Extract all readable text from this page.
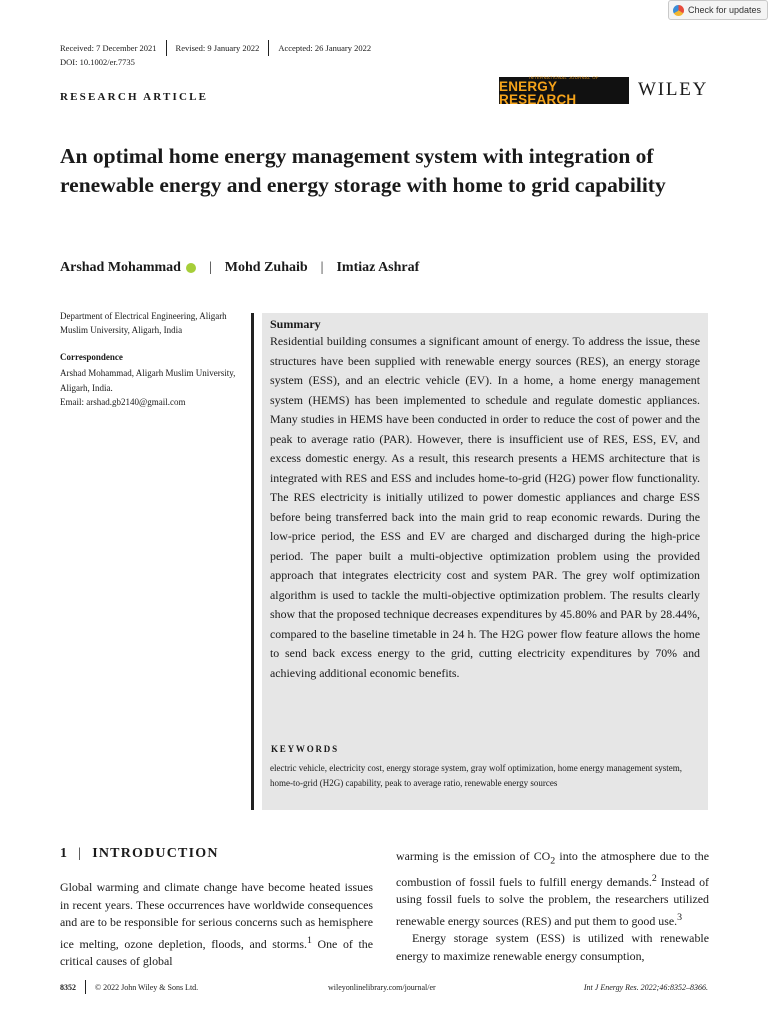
Check for updates
Received: 7 December 2021 Revised: 9 January 2022 Accepted: 26 January 2022
DOI: 10.1002/er.7735
RESEARCH ARTICLE
INTERNATIONAL JOURNAL OF
ENERGY RESEARCH	WILEY
An optimal home energy management system with integration of renewable energy and energy storage with home to grid capability
Arshad Mohammad | Mohd Zuhaib | Imtiaz Ashraf
Department of Electrical Engineering, Aligarh Muslim University, Aligarh, India
Correspondence
Arshad Mohammad, Aligarh Muslim University, Aligarh, India.
Email: arshad.gb2140@gmail.com
Summary

Residential building consumes a significant amount of energy. To address the issue, these structures have been supplied with renewable energy sources (RES), an energy storage system (ESS), and an electric vehicle (EV). In a home, a home energy management system (HEMS) has been implemented to schedule and regulate domestic appliances. Many studies in HEMS have been conducted in order to reduce the cost of power and the peak to average ratio (PAR). However, there is insufficient use of RES, ESS, EV, and excess domestic energy. As a result, this research presents a HEMS architecture that is integrated with RES and ESS and includes home-to-grid (H2G) power flow functionality. The RES electricity is initially utilized to power domestic appliances and charge ESS before being transferred back into the main grid to reap economic rewards. During the low-price period, the ESS and EV are charged and discharged during the high-price period. The paper built a multi-objective optimization problem using the provided approach that integrates electricity cost and system PAR. The grey wolf optimization algorithm is used to tackle the multi-objective optimization problem. The results clearly show that the proposed technique decreases expenditures by 45.80% and PAR by 28.44%, compared to the baseline timetable in 24 h. The H2G power flow feature allows the home to send back excess energy to the grid, cutting electricity expenditures by 70% and achieving additional economic benefits.

KEYWORDS

electric vehicle, electricity cost, energy storage system, gray wolf optimization, home energy management system, home-to-grid (H2G) capability, peak to average ratio, renewable energy sources

1 | INTRODUCTION

Global warming and climate change have become heated issues in recent years. These occurrences have worldwide consequences and are to be responsible for serious concerns such as hemisphere ice melting, ozone depletion, floods, and storms.$^1$ One of the critical causes of global

warming is the emission of $CO_2$ into the atmosphere due to the combustion of fossil fuels to fulfill energy demands.$^2$ Instead of using fossil fuels to solve the problem, the researchers utilized renewable energy sources (RES) and put them to good use.$^3$

Energy storage system (ESS) is utilized with renewable energy to maximize renewable energy consumption,

8352 © 2022 John Wiley & Sons Ltd.	wileyonlinelibrary.com/journal/er	Int J Energy Res. 2022;46:8352–8366.
